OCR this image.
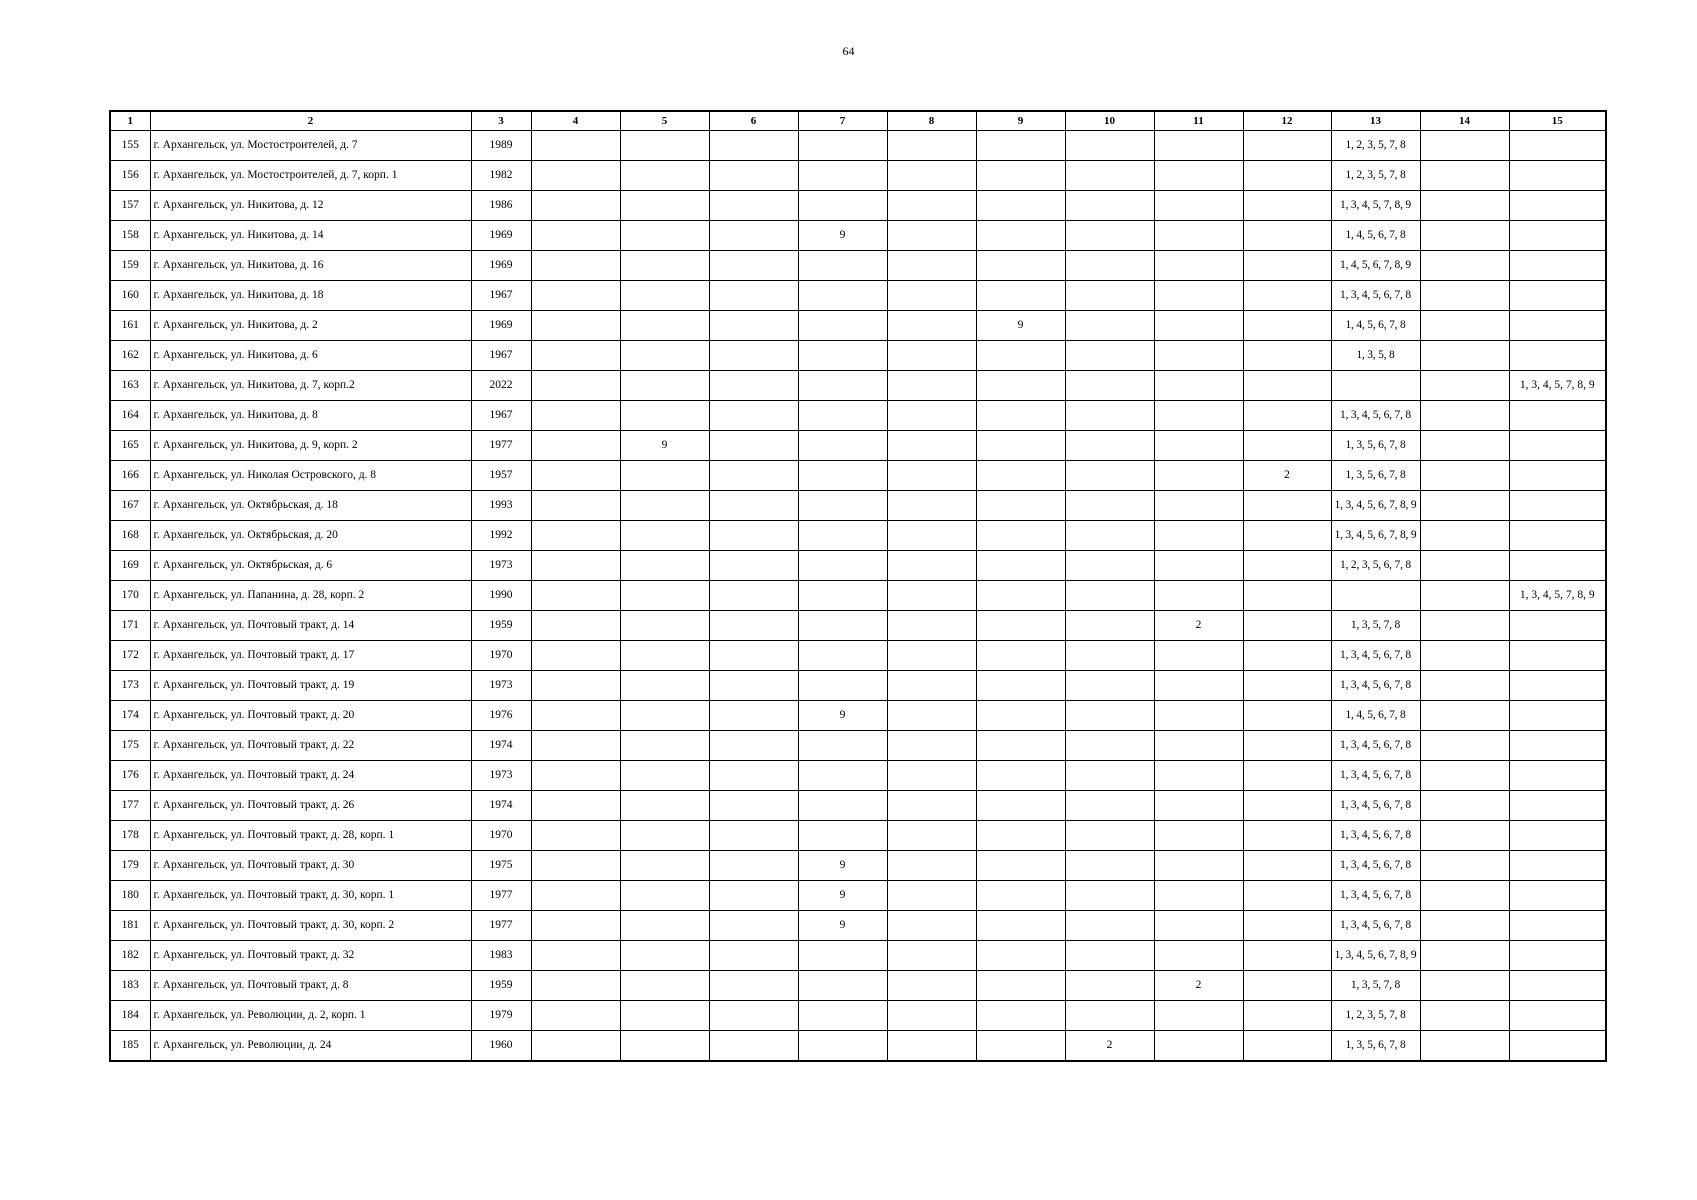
64
1	2	3	4	5	6	7	8	9	10	11	12	13	14	15
155	г. Архангельск, ул. Мостостроителей, д. 7	1989										1, 2, 3, 5, 7, 8		
156	г. Архангельск, ул. Мостостроителей, д. 7, корп. 1	1982										1, 2, 3, 5, 7, 8		
157	г. Архангельск, ул. Никитова, д. 12	1986										1, 3, 4, 5, 7, 8, 9		
158	г. Архангельск, ул. Никитова, д. 14	1969				9						1, 4, 5, 6, 7, 8		
159	г. Архангельск, ул. Никитова, д. 16	1969										1, 4, 5, 6, 7, 8, 9		
160	г. Архангельск, ул. Никитова, д. 18	1967										1, 3, 4, 5, 6, 7, 8		
161	г. Архангельск, ул. Никитова, д. 2	1969						9				1, 4, 5, 6, 7, 8		
162	г. Архангельск, ул. Никитова, д. 6	1967										1, 3, 5, 8		
163	г. Архангельск, ул. Никитова, д. 7, корп.2	2022												1, 3, 4, 5, 7, 8, 9
164	г. Архангельск, ул. Никитова, д. 8	1967										1, 3, 4, 5, 6, 7, 8		
165	г. Архангельск, ул. Никитова, д. 9, корп. 2	1977		9								1, 3, 5, 6, 7, 8		
166	г. Архангельск, ул. Николая Островского, д. 8	1957									2	1, 3, 5, 6, 7, 8		
167	г. Архангельск, ул. Октябрьская, д. 18	1993										1, 3, 4, 5, 6, 7, 8, 9		
168	г. Архангельск, ул. Октябрьская, д. 20	1992										1, 3, 4, 5, 6, 7, 8, 9		
169	г. Архангельск, ул. Октябрьская, д. 6	1973										1, 2, 3, 5, 6, 7, 8		
170	г. Архангельск, ул. Папанина, д. 28, корп. 2	1990												1, 3, 4, 5, 7, 8, 9
171	г. Архангельск, ул. Почтовый тракт, д. 14	1959								2		1, 3, 5, 7, 8		
172	г. Архангельск, ул. Почтовый тракт, д. 17	1970										1, 3, 4, 5, 6, 7, 8		
173	г. Архангельск, ул. Почтовый тракт, д. 19	1973										1, 3, 4, 5, 6, 7, 8		
174	г. Архангельск, ул. Почтовый тракт, д. 20	1976				9						1, 4, 5, 6, 7, 8		
175	г. Архангельск, ул. Почтовый тракт, д. 22	1974										1, 3, 4, 5, 6, 7, 8		
176	г. Архангельск, ул. Почтовый тракт, д. 24	1973										1, 3, 4, 5, 6, 7, 8		
177	г. Архангельск, ул. Почтовый тракт, д. 26	1974										1, 3, 4, 5, 6, 7, 8		
178	г. Архангельск, ул. Почтовый тракт, д. 28, корп. 1	1970										1, 3, 4, 5, 6, 7, 8		
179	г. Архангельск, ул. Почтовый тракт, д. 30	1975				9						1, 3, 4, 5, 6, 7, 8		
180	г. Архангельск, ул. Почтовый тракт, д. 30, корп. 1	1977				9						1, 3, 4, 5, 6, 7, 8		
181	г. Архангельск, ул. Почтовый тракт, д. 30, корп. 2	1977				9						1, 3, 4, 5, 6, 7, 8		
182	г. Архангельск, ул. Почтовый тракт, д. 32	1983										1, 3, 4, 5, 6, 7, 8, 9		
183	г. Архангельск, ул. Почтовый тракт, д. 8	1959								2		1, 3, 5, 7, 8		
184	г. Архангельск, ул. Революции, д. 2, корп. 1	1979										1, 2, 3, 5, 7, 8		
185	г. Архангельск, ул. Революции, д. 24	1960							2			1, 3, 5, 6, 7, 8		
